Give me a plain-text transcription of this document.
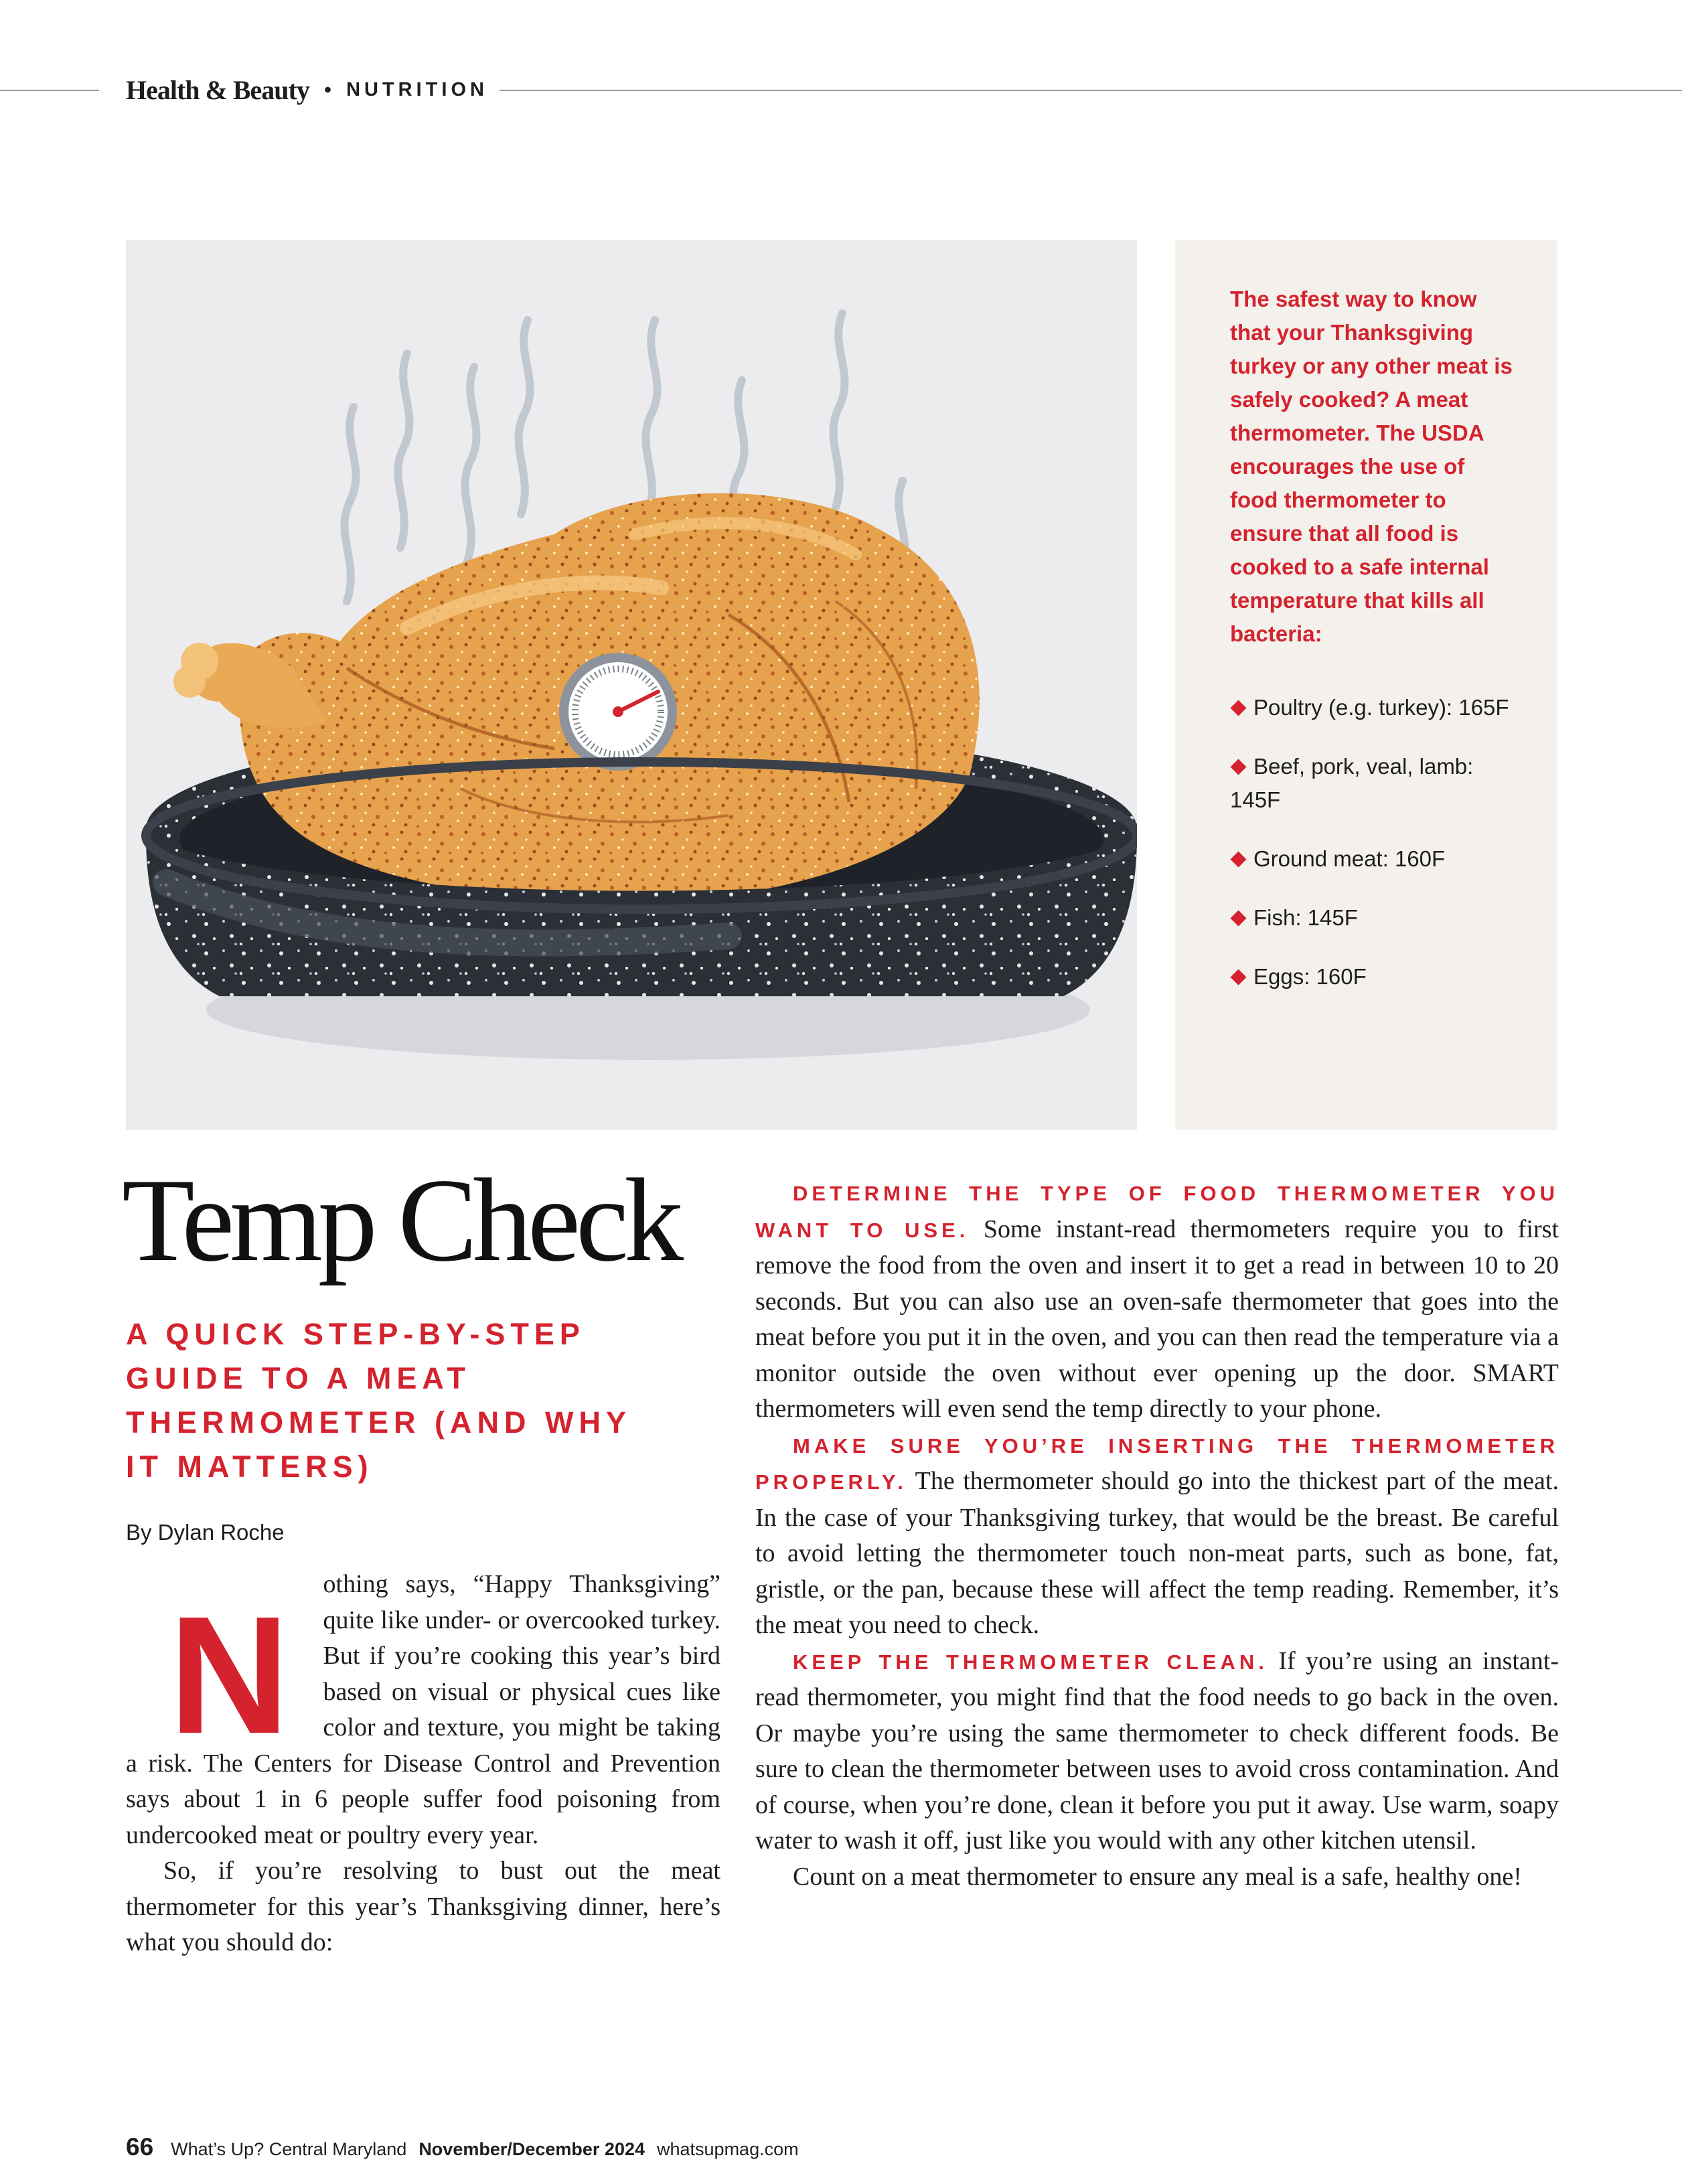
Health & Beauty • NUTRITION

The safest way to know that your Thanksgiving turkey or any other meat is safely cooked? A meat thermometer. The USDA encourages the use of food thermometer to ensure that all food is cooked to a safe internal temperature that kills all bacteria:

Poultry (e.g. turkey): 165F
Beef, pork, veal, lamb: 145F
Ground meat: 160F
Fish: 145F
Eggs: 160F
Temp Check
A QUICK STEP-BY-STEP GUIDE TO A MEAT THERMOMETER (AND WHY IT MATTERS)
By Dylan Roche

N othing says, “Happy Thanksgiving” quite like under- or overcooked turkey. But if you’re cooking this year’s bird based on visual or physical cues like color and texture, you might be taking a risk. The Centers for Disease Control and Prevention says about 1 in 6 people suffer food poisoning from undercooked meat or poultry every year.

So, if you’re resolving to bust out the meat thermometer for this year’s Thanksgiving dinner, here’s what you should do:

DETERMINE THE TYPE OF FOOD THERMOMETER YOU WANT TO USE. Some instant-read thermometers require you to first remove the food from the oven and insert it to get a read in between 10 to 20 seconds. But you can also use an oven-safe thermometer that goes into the meat before you put it in the oven, and you can then read the temperature via a monitor outside the oven without ever opening up the door. SMART thermometers will even send the temp directly to your phone.

MAKE SURE YOU’RE INSERTING THE THERMOMETER PROPERLY. The thermometer should go into the thickest part of the meat. In the case of your Thanksgiving turkey, that would be the breast. Be careful to avoid letting the thermometer touch non-meat parts, such as bone, fat, gristle, or the pan, because these will affect the temp reading. Remember, it’s the meat you need to check.

KEEP THE THERMOMETER CLEAN. If you’re using an instant-read thermometer, you might find that the food needs to go back in the oven. Or maybe you’re using the same thermometer to check different foods. Be sure to clean the thermometer between uses to avoid cross contamination. And of course, when you’re done, clean it before you put it away. Use warm, soapy water to wash it off, just like you would with any other kitchen utensil.

Count on a meat thermometer to ensure any meal is a safe, healthy one!

66 What’s Up? Central Maryland November/December 2024 whatsupmag.com
